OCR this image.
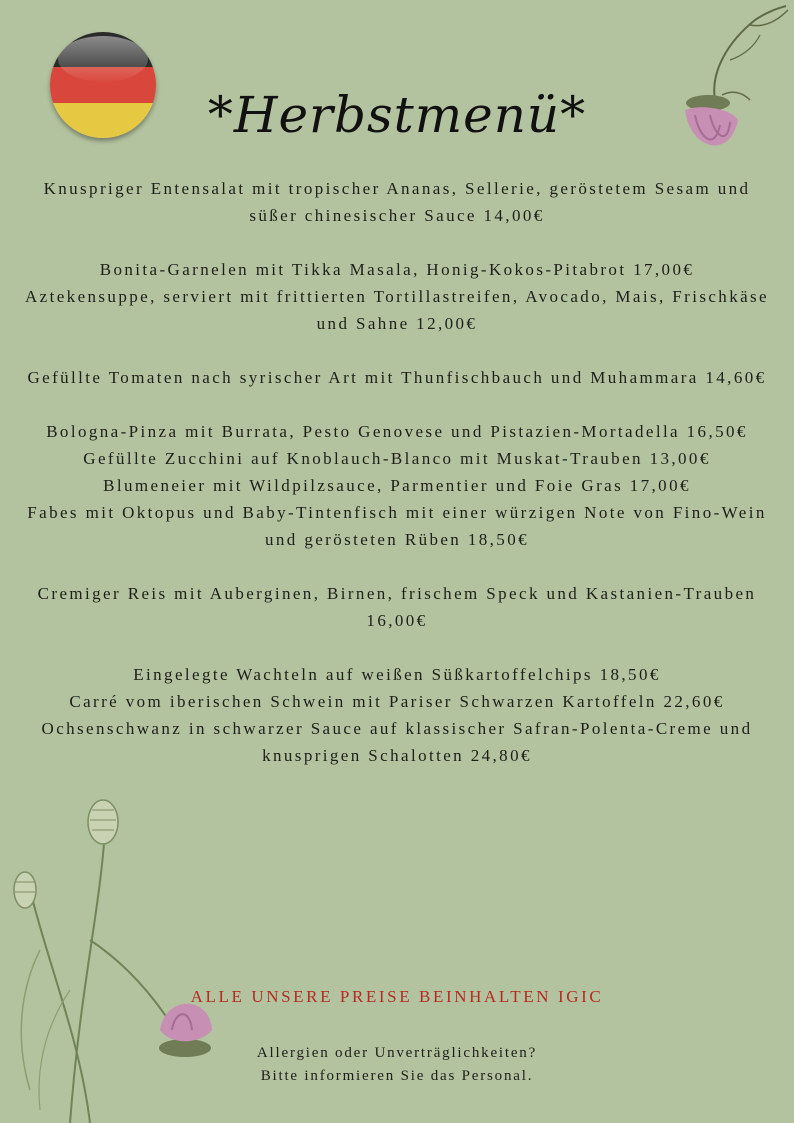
*Herbstmenü*
Knuspriger Entensalat mit tropischer Ananas, Sellerie, geröstetem Sesam und süßer chinesischer Sauce 14,00€
Bonita-Garnelen mit Tikka Masala, Honig-Kokos-Pitabrot 17,00€
Aztekensuppe, serviert mit frittierten Tortillastreifen, Avocado, Mais, Frischkäse und Sahne 12,00€
Gefüllte Tomaten nach syrischer Art mit Thunfischbauch und Muhammara 14,60€
Bologna-Pinza mit Burrata, Pesto Genovese und Pistazien-Mortadella 16,50€
Gefüllte Zucchini auf Knoblauch-Blanco mit Muskat-Trauben 13,00€
Blumeneier mit Wildpilzsauce, Parmentier und Foie Gras 17,00€
Fabes mit Oktopus und Baby-Tintenfisch mit einer würzigen Note von Fino-Wein und gerösteten Rüben 18,50€
Cremiger Reis mit Auberginen, Birnen, frischem Speck und Kastanien-Trauben 16,00€
Eingelegte Wachteln auf weißen Süßkartoffelchips 18,50€
Carré vom iberischen Schwein mit Pariser Schwarzen Kartoffeln 22,60€
Ochsenschwanz in schwarzer Sauce auf klassischer Safran-Polenta-Creme und knusprigen Schalotten 24,80€
ALLE UNSERE PREISE BEINHALTEN IGIC
Allergien oder Unverträglichkeiten?
Bitte informieren Sie das Personal.
